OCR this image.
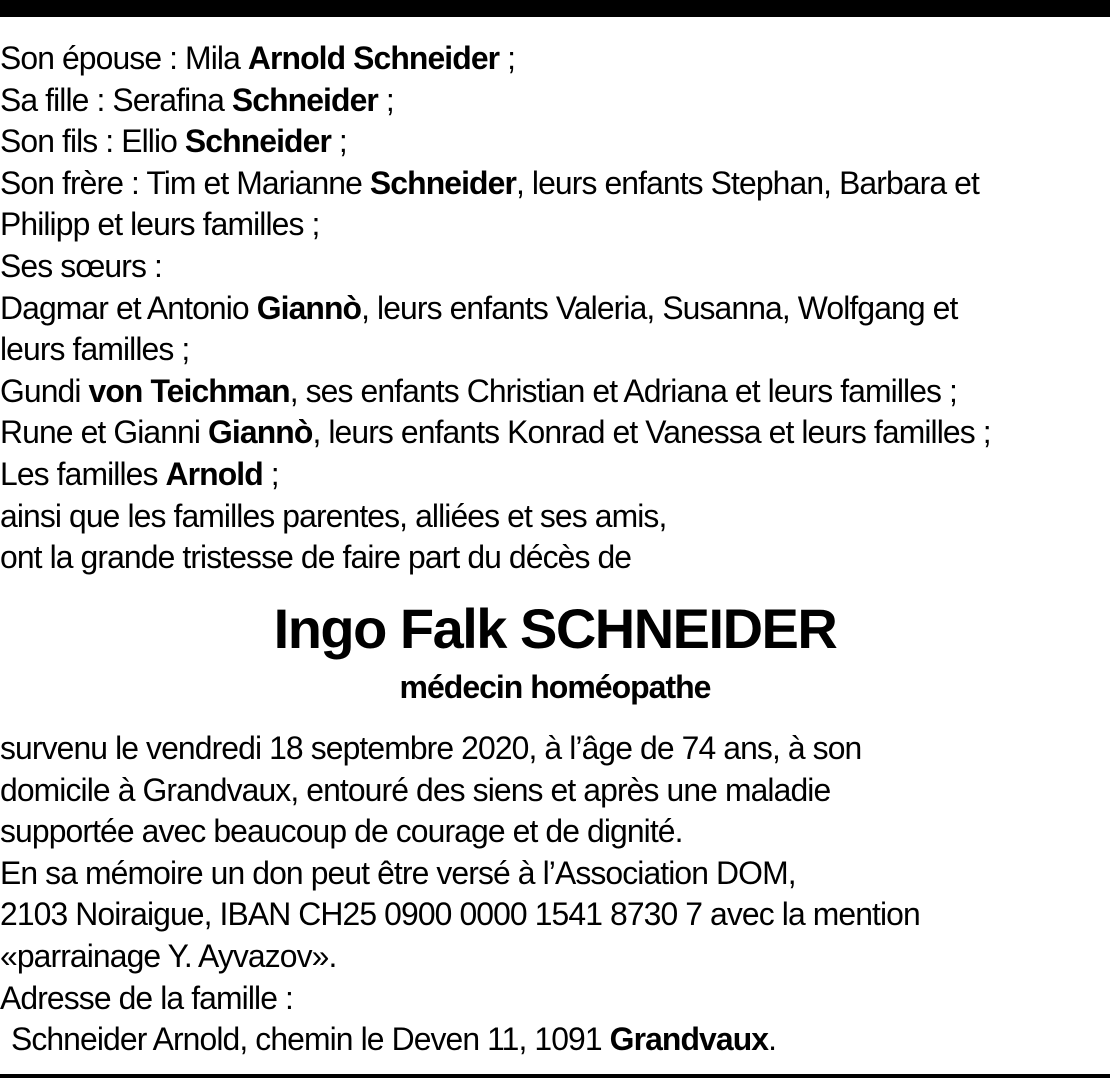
Son épouse : Mila Arnold Schneider ;
Sa fille : Serafina Schneider ;
Son fils : Ellio Schneider ;
Son frère : Tim et Marianne Schneider, leurs enfants Stephan, Barbara et
Philipp et leurs familles ;
Ses sœurs :
Dagmar et Antonio Giannò, leurs enfants Valeria, Susanna, Wolfgang et
leurs familles ;
Gundi von Teichman, ses enfants Christian et Adriana et leurs familles ;
Rune et Gianni Giannò, leurs enfants Konrad et Vanessa et leurs familles ;
Les familles Arnold ;
ainsi que les familles parentes, alliées et ses amis,
ont la grande tristesse de faire part du décès de
Ingo Falk SCHNEIDER
médecin homéopathe
survenu le vendredi 18 septembre 2020, à l’âge de 74 ans, à son
domicile à Grandvaux, entouré des siens et après une maladie
supportée avec beaucoup de courage et de dignité.
En sa mémoire un don peut être versé à l’Association DOM,
2103 Noiraigue, IBAN CH25 0900 0000 1541 8730 7 avec la mention
«parrainage Y. Ayvazov».
Adresse de la famille :
Schneider Arnold, chemin le Deven 11, 1091 Grandvaux.
